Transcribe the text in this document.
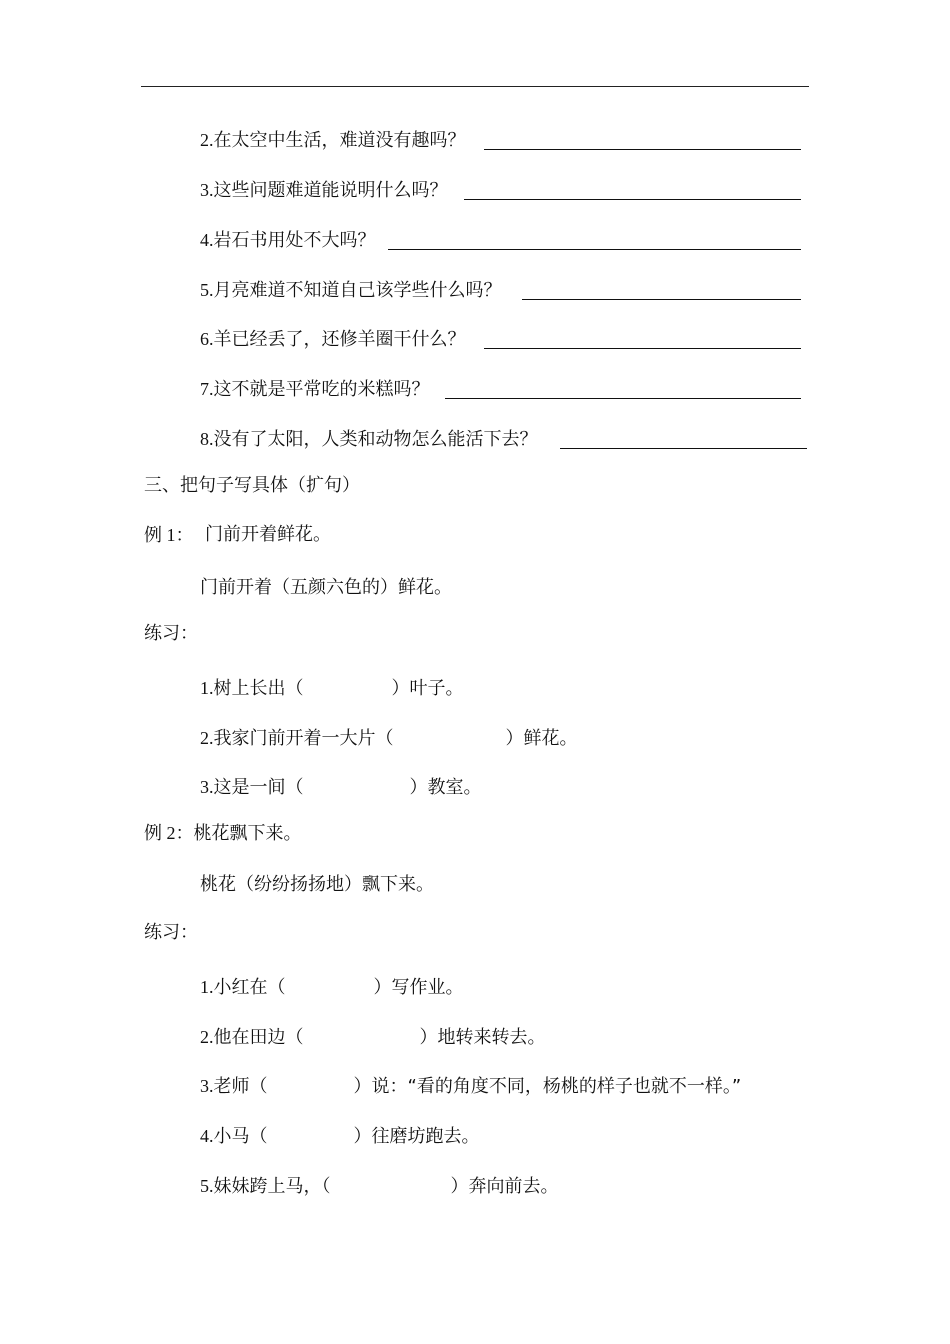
2.在太空中生活，难道没有趣吗？
3.这些问题难道能说明什么吗？
4.岩石书用处不大吗？
5.月亮难道不知道自己该学些什么吗？
6.羊已经丢了，还修羊圈干什么？
7.这不就是平常吃的米糕吗？
8.没有了太阳，人类和动物怎么能活下去？
三、把句子写具体（扩句）
例 1： 门前开着鲜花。
门前开着（五颜六色的）鲜花。
练习：
1.树上长出（	）叶子。
2.我家门前开着一大片（	）鲜花。
3.这是一间（	）教室。
例 2：桃花飘下来。
桃花（纷纷扬扬地）飘下来。
练习：
1.小红在（	）写作业。
2.他在田边（	）地转来转去。
3.老师（	）说：“看的角度不同，杨桃的样子也就不一样。”
4.小马（	）往磨坊跑去。
5.妹妹跨上马，（	）奔向前去。
